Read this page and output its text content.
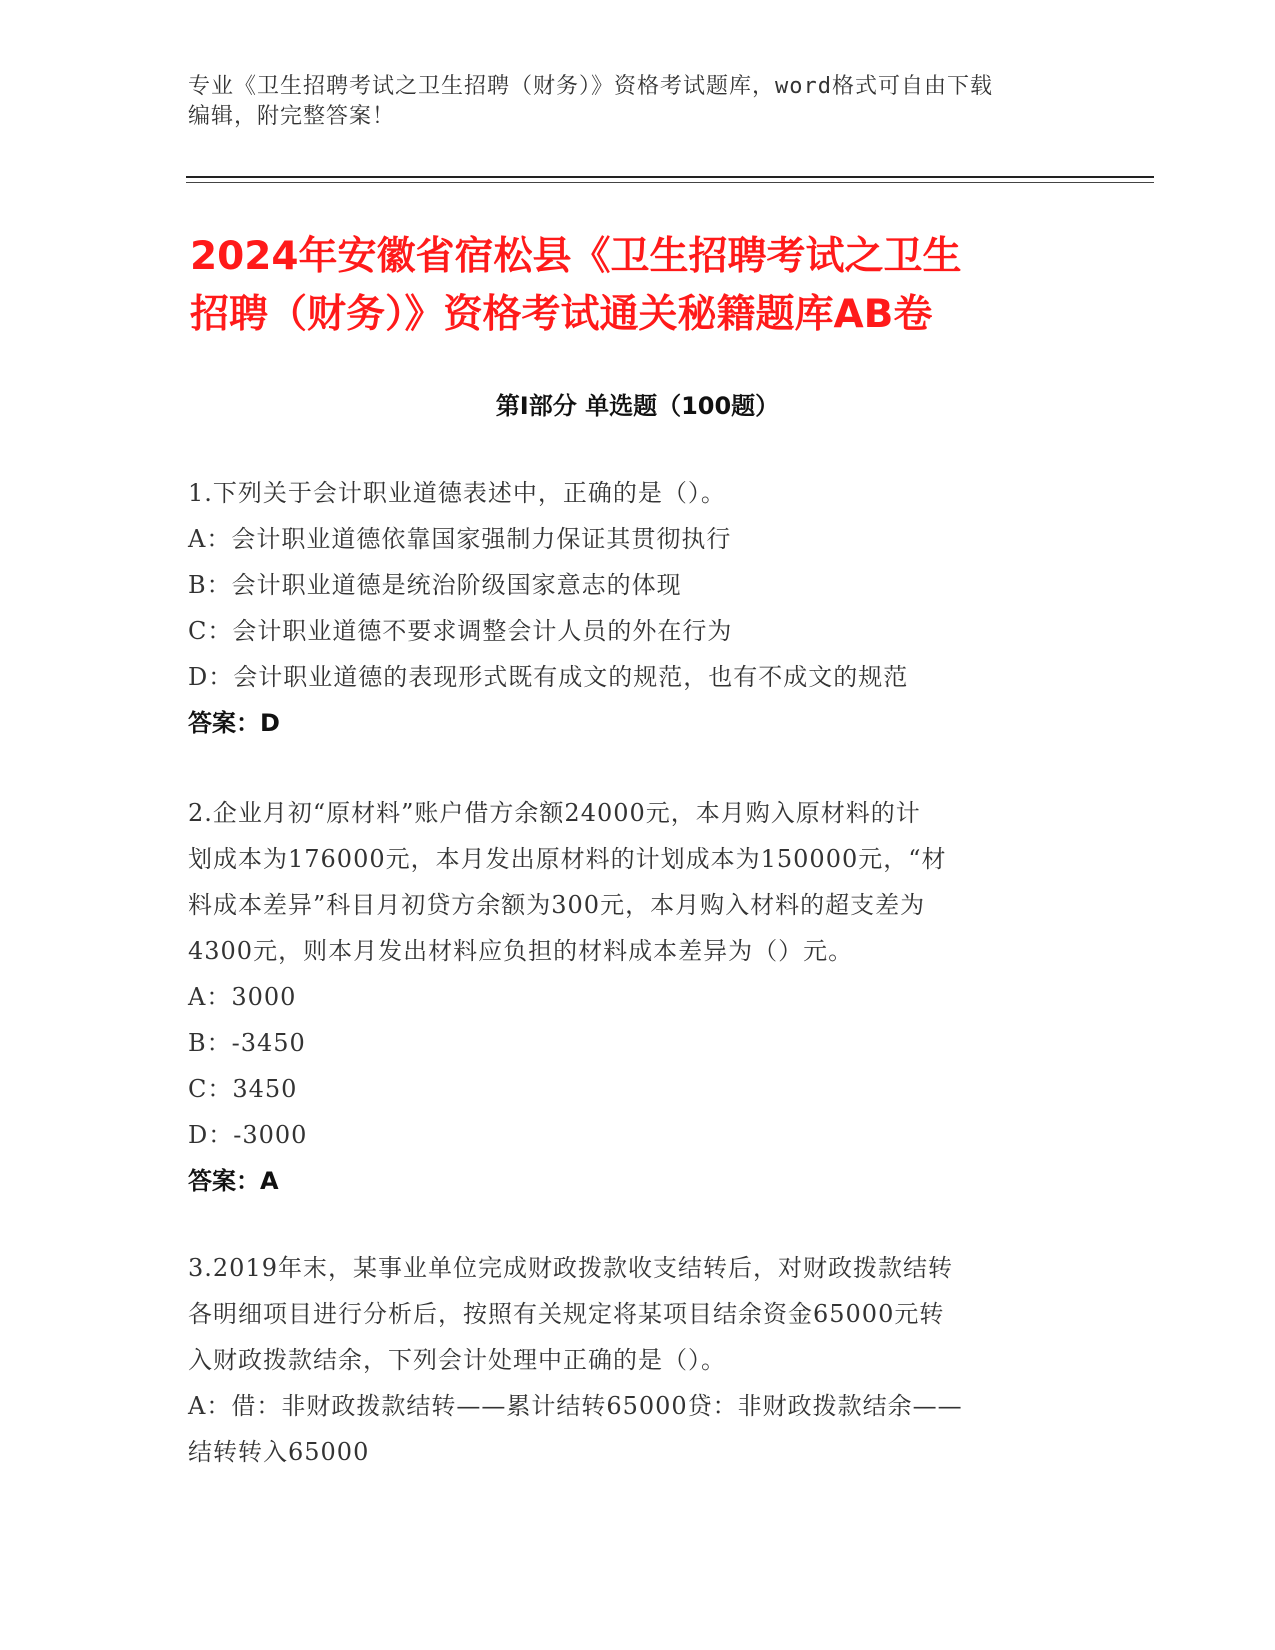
专业《卫生招聘考试之卫生招聘（财务）》资格考试题库，word格式可自由下载
编辑，附完整答案！
2024年安徽省宿松县《卫生招聘考试之卫生
招聘（财务）》资格考试通关秘籍题库AB卷
第Ⅰ部分 单选题（100题）
1.下列关于会计职业道德表述中，正确的是（）。
A：会计职业道德依靠国家强制力保证其贯彻执行
B：会计职业道德是统治阶级国家意志的体现
C：会计职业道德不要求调整会计人员的外在行为
D：会计职业道德的表现形式既有成文的规范，也有不成文的规范
答案：D
2.企业月初“原材料”账户借方余额24000元，本月购入原材料的计
划成本为176000元，本月发出原材料的计划成本为150000元，“材
料成本差异”科目月初贷方余额为300元，本月购入材料的超支差为
4300元，则本月发出材料应负担的材料成本差异为（）元。
A：3000
B：-3450
C：3450
D：-3000
答案：A
3.2019年末，某事业单位完成财政拨款收支结转后，对财政拨款结转
各明细项目进行分析后，按照有关规定将某项目结余资金65000元转
入财政拨款结余，下列会计处理中正确的是（）。
A：借：非财政拨款结转——累计结转65000贷：非财政拨款结余——
结转转入65000
